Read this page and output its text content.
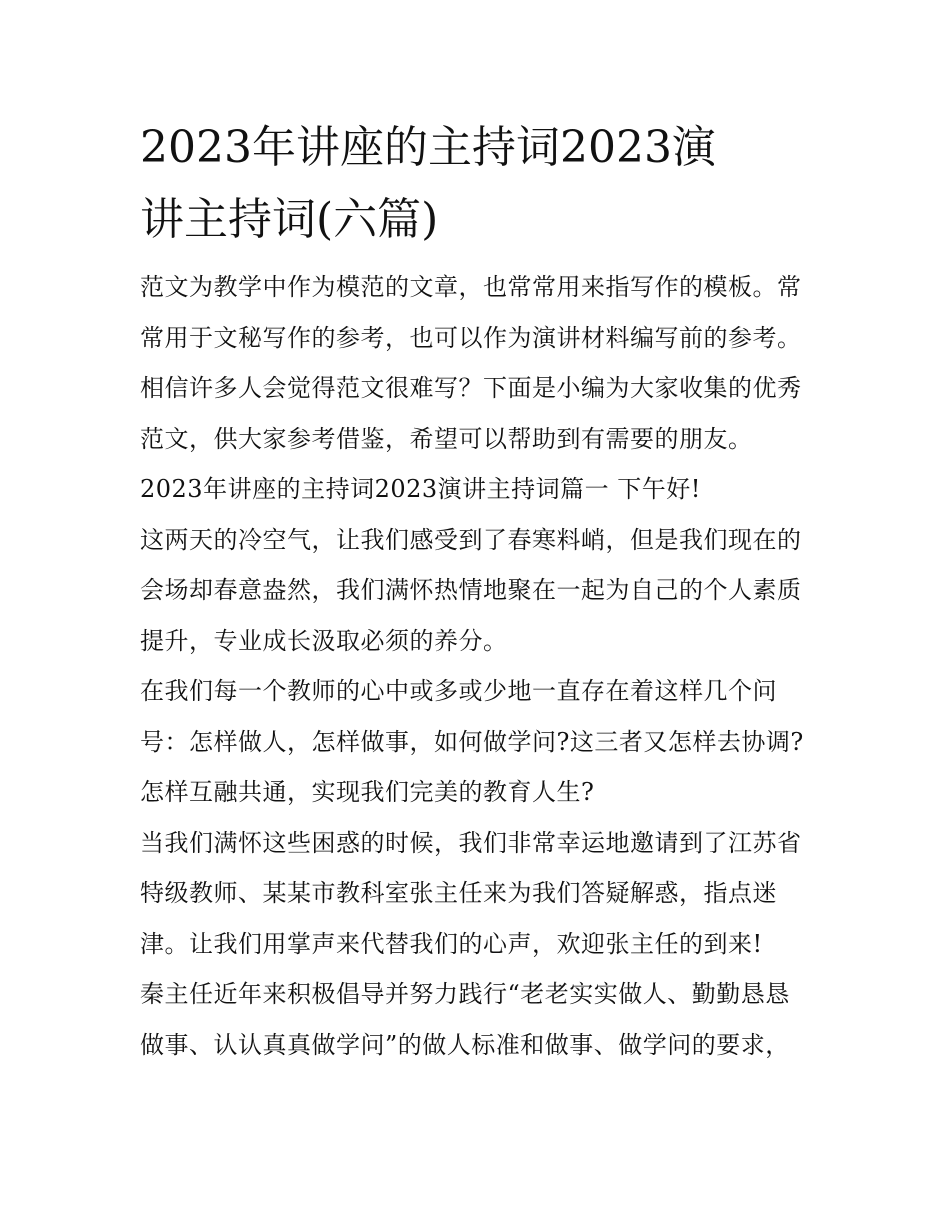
2023年讲座的主持词2023演
讲主持词(六篇)

范文为教学中作为模范的文章，也常常用来指写作的模板。常
常用于文秘写作的参考，也可以作为演讲材料编写前的参考。
相信许多人会觉得范文很难写？下面是小编为大家收集的优秀
范文，供大家参考借鉴，希望可以帮助到有需要的朋友。

2023年讲座的主持词2023演讲主持词篇一 下午好!

这两天的冷空气，让我们感受到了春寒料峭，但是我们现在的
会场却春意盎然，我们满怀热情地聚在一起为自己的个人素质
提升，专业成长汲取必须的养分。

在我们每一个教师的心中或多或少地一直存在着这样几个问
号：怎样做人，怎样做事，如何做学问?这三者又怎样去协调?
怎样互融共通，实现我们完美的教育人生?

当我们满怀这些困惑的时候，我们非常幸运地邀请到了江苏省
特级教师、某某市教科室张主任来为我们答疑解惑，指点迷
津。让我们用掌声来代替我们的心声，欢迎张主任的到来!

秦主任近年来积极倡导并努力践行“老老实实做人、勤勤恳恳
做事、认认真真做学问”的做人标准和做事、做学问的要求，
